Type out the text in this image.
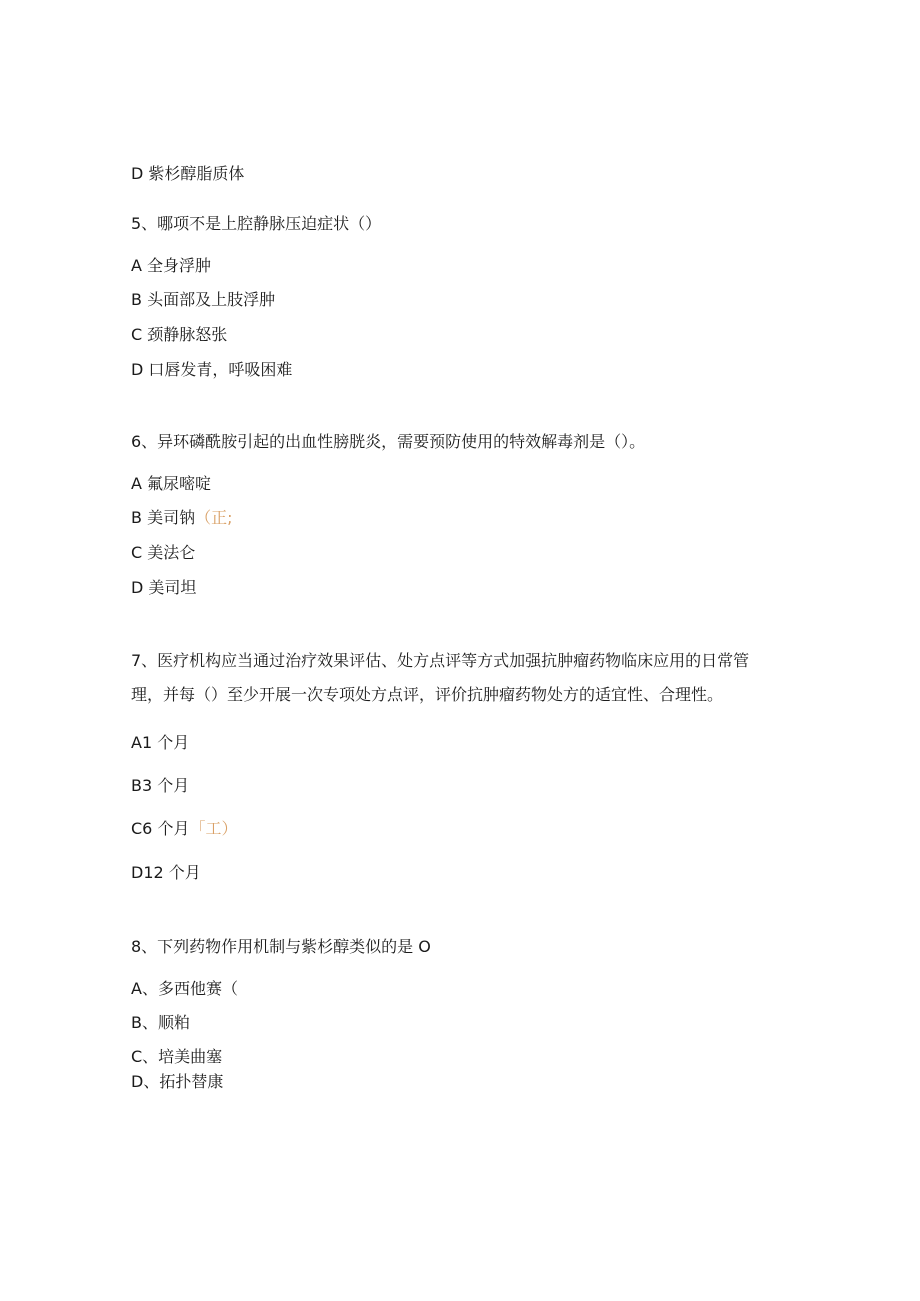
D 紫杉醇脂质体
5、哪项不是上腔静脉压迫症状（）
A 全身浮肿
B 头面部及上肢浮肿
C 颈静脉怒张
D 口唇发青，呼吸困难
6、异环磷酰胺引起的出血性膀胱炎，需要预防使用的特效解毒剂是（）。
A 氟尿嘧啶
B 美司钠（正;
C 美法仑
D 美司坦
7、医疗机构应当通过治疗效果评估、处方点评等方式加强抗肿瘤药物临床应用的日常管
理，并每（）至少开展一次专项处方点评，评价抗肿瘤药物处方的适宜性、合理性。
A1 个月
B3 个月
C6 个月「工）
D12 个月
8、下列药物作用机制与紫杉醇类似的是 O
A、多西他赛（
B、顺粕
C、培美曲塞
D、拓扑替康
